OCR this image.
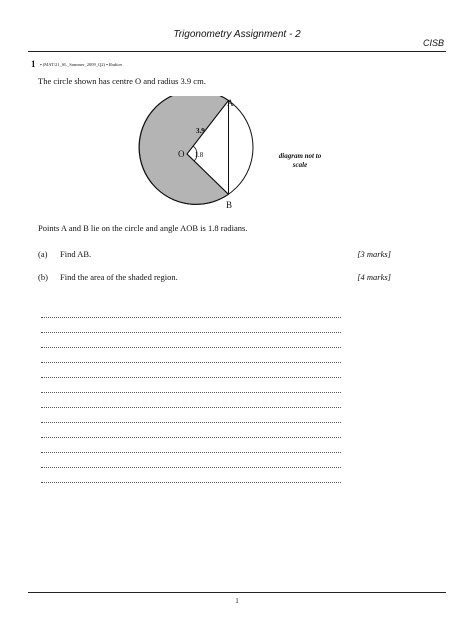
Trigonometry Assignment - 2
CISB
1 ▪ (MAT/21_SL_Summer_2009_Q2) ▪ Radian
The circle shown has centre O and radius 3.9 cm.
A
B
O
3.9
1.8	diagram not to
scale
Points A and B lie on the circle and angle AOB is 1.8 radians.
(a) Find AB.	[3 marks]
(b) Find the area of the shaded region.	[4 marks]
1
